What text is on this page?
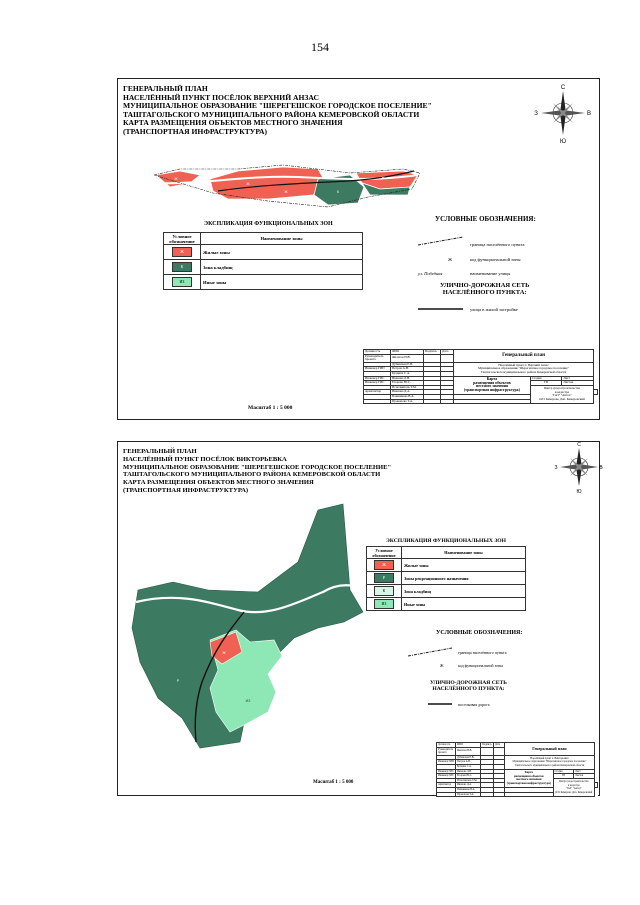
154
ГЕНЕРАЛЬНЫЙ ПЛАН
НАСЕЛЁННЫЙ ПУНКТ ПОСЁЛОК ВЕРХНИЙ АНЗАС
МУНИЦИПАЛЬНОЕ ОБРАЗОВАНИЕ "ШЕРЕГЕШСКОЕ ГОРОДСКОЕ ПОСЕЛЕНИЕ"
ТАШТАГОЛЬСКОГО МУНИЦИПАЛЬНОГО РАЙОНА КЕМЕРОВСКОЙ ОБЛАСТИ
КАРТА РАЗМЕЩЕНИЯ ОБЪЕКТОВ МЕСТНОГО ЗНАЧЕНИЯ
(ТРАНСПОРТНАЯ ИНФРАСТРУКТУРА)
С
Ю
В
З
Ж
Ж
Ж	К
Ж
ЭКСПЛИКАЦИЯ ФУНКЦИОНАЛЬНЫХ ЗОН
Условное обозначение	Наименование зоны
Ж	Жилые зоны
К	Зона кладбищ
ИЗ	Иные зоны
УСЛОВНЫЕ ОБОЗНАЧЕНИЯ:
граница населённого пункта
Ж	код функциональной зоны
ул. Победная	наименование улицы
УЛИЧНО-ДОРОЖНАЯ СЕТЬ
НАСЕЛЁННОГО ПУНКТА:
улица в жилой застройке
Масштаб 1 : 5 000
Должность	ФИО	Подпись	Дата	Генеральный план			
Руководитель проекта	Филатов Н.В.						
	Дубинская Е.В.			Населённый пункт п. Верхний Анзас
Муниципальное образование "Шерегешское городское поселение"
Таштагольского муниципального района Кемеровской области			

Инженер ГИП	Петров А.Н.						
	Булдина С.А.						
Инженер ГИС	Иванова Л.В.			Карта
размещения объектов
местного значения
(транспортная инфраструктура)	Стадия	Лист	
Инженер ГИС	Егорова Ю.С.				ГП	Листов	
	Исполнитель Т.М.				Центр градостроительства
и кадастра
"ГАЗ" "Ангел"
ОЛ1 Кемерово Доп. Кемеровский		

Архитектор	Иванова Д.А.						
	Пашникова В.А.						
	Прокопова Т.А.						
ГЕНЕРАЛЬНЫЙ ПЛАН
НАСЕЛЁННЫЙ ПУНКТ ПОСЁЛОК ВИКТОРЬЕВКА
МУНИЦИПАЛЬНОЕ ОБРАЗОВАНИЕ "ШЕРЕГЕШСКОЕ ГОРОДСКОЕ ПОСЕЛЕНИЕ"
ТАШТАГОЛЬСКОГО МУНИЦИПАЛЬНОГО РАЙОНА КЕМЕРОВСКОЙ ОБЛАСТИ
КАРТА РАЗМЕЩЕНИЯ ОБЪЕКТОВ МЕСТНОГО ЗНАЧЕНИЯ
(ТРАНСПОРТНАЯ ИНФРАСТРУКТУРА)
С
Ю
В
З
Ж
ИЗ
Р
Р
ЭКСПЛИКАЦИЯ ФУНКЦИОНАЛЬНЫХ ЗОН
Условное обозначение	Наименование зоны
Ж	Жилые зоны
Р	Зоны рекреационного назначения
К	Зона кладбищ
ИЗ	Иные зоны
УСЛОВНЫЕ ОБОЗНАЧЕНИЯ:
граница населённого пункта
Ж	код функциональной зоны
УЛИЧНО-ДОРОЖНАЯ СЕТЬ
НАСЕЛЁННОГО ПУНКТА:
поселковая дорога
Масштаб 1 : 5 000
Должность	ФИО	Подпись	Дата	Генеральный план			
Руководитель проекта	Филатов Н.В.						
	Дубинская Е.В.			Населённый пункт п. Викторьевка
Муниципальное образование "Шерегешское городское поселение"
Таштагольского муниципального района Кемеровской области			

Инженер ГИП	Петров А.Н.						
	Булдина С.А.						
Инженер ГИС	Иванова Л.В.			Карта
размещения объектов
местного значения
(транспортная инфраструктура)	Стадия	Лист	
Инженер ГИС	Егорова Ю.С.				ГП	Листов	
	Исполнитель Т.М.				Центр градостроительства
и кадастра
"ГАЗ" "Ангел"
ОЛ1 Кемерово Доп. Кемеровский		

Архитектор	Иванова Д.А.						
	Пашникова В.А.						
	Прокопова Т.А.						
